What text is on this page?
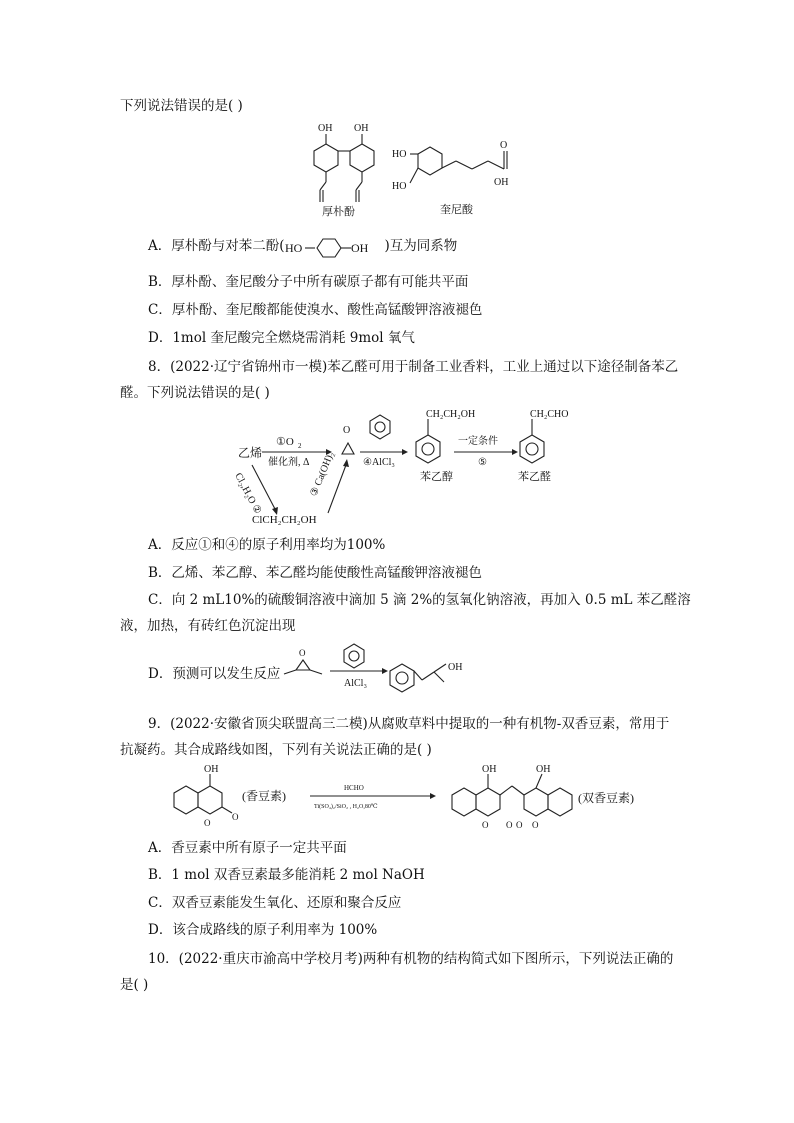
下列说法错误的是( )
OH OH
厚朴酚
HO
HO
O
OH
奎尼酸
A．厚朴酚与对苯二酚( HO	OH )互为同系物
B．厚朴酚、奎尼酸分子中所有碳原子都有可能共平面
C．厚朴酚、奎尼酸都能使溴水、酸性高锰酸钾溶液褪色
D．1mol 奎尼酸完全燃烧需消耗 9mol 氧气
8．(2022·辽宁省锦州市一模)苯乙醛可用于制备工业香料，工业上通过以下途径制备苯乙
醛。下列说法错误的是( )
乙烯
①O 2
催化剂, Δ
O
④AlCl₃
CH₂CH₂OH
苯乙醇
一定条件
⑤
CH₂CHO
苯乙醛
Cl₂,H₂O ②
ClCH₂CH₂OH
③ Ca(OH)₂
A．反应①和④的原子利用率均为100%
B．乙烯、苯乙醇、苯乙醛均能使酸性高锰酸钾溶液褪色
C．向 2 mL10%的硫酸铜溶液中滴加 5 滴 2%的氢氧化钠溶液，再加入 0.5 mL 苯乙醛溶
液，加热，有砖红色沉淀出现
D．预测可以发生反应
O
AlCl₃
OH
9．(2022·安徽省顶尖联盟高三二模)从腐败草料中提取的一种有机物-双香豆素，常用于
抗凝药。其合成路线如图，下列有关说法正确的是( )
OH
O
O
(香豆素)
HCHO
Ti(SO₄)₂/SiO₂ , H₂O,80℃
OH	OH
O O
O	O
(双香豆素)
A．香豆素中所有原子一定共平面
B．1 mol 双香豆素最多能消耗 2 mol NaOH
C．双香豆素能发生氧化、还原和聚合反应
D．该合成路线的原子利用率为 100%
10．(2022·重庆市渝高中学校月考)两种有机物的结构简式如下图所示，下列说法正确的
是( )
